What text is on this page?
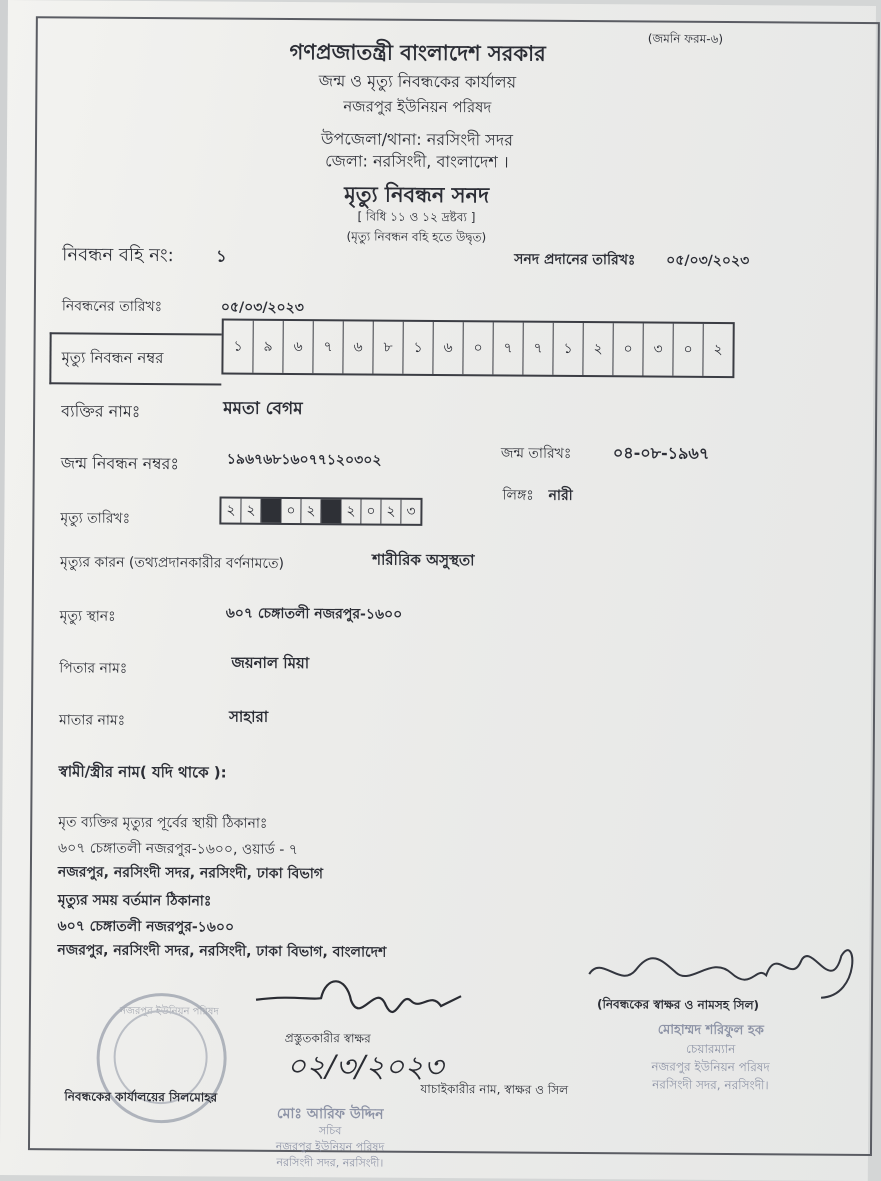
(জমনি ফরম-৬)
গণপ্রজাতন্ত্রী বাংলাদেশ সরকার
জন্ম ও মৃত্যু নিবন্ধকের কার্যালয়
নজরপুর ইউনিয়ন পরিষদ
উপজেলা/থানা: নরসিংদী সদর
জেলা: নরসিংদী, বাংলাদেশ ।
মৃত্যু নিবন্ধন সনদ
[ বিধি ১১ ও ১২ দ্রষ্টব্য ]
(মৃত্যু নিবন্ধন বহি হতে উদ্বৃত)
নিবন্ধন বহি নং:	১	সনদ প্রদানের তারিখঃ ০৫/০৩/২০২৩
নিবন্ধনের তারিখঃ	০৫/০৩/২০২৩
মৃত্যু নিবন্ধন নম্বর
১	৯	৬	৭	৬	৮	১	৬	০	৭	৭	১	২	০	৩	০	২
ব্যক্তির নামঃ	মমতা বেগম
জন্ম নিবন্ধন নম্বরঃ	১৯৬৭৬৮১৬০৭৭১২০৩০২	জন্ম তারিখঃ	০৪-০৮-১৯৬৭
লিঙ্গঃ নারী
মৃত্যু তারিখঃ	২ ২	০ ২	২ ০ ২ ৩
মৃত্যুর কারন (তথ্যপ্রদানকারীর বর্ণনামতে)	শারীরিক অসুস্থতা
মৃত্যু স্থানঃ	৬০৭ চেঙ্গাতলী নজরপুর-১৬০০
পিতার নামঃ	জয়নাল মিয়া
মাতার নামঃ	সাহারা
স্বামী/স্ত্রীর নাম( যদি থাকে ):
মৃত ব্যক্তির মৃত্যুর পূর্বের স্থায়ী ঠিকানাঃ
৬০৭ চেঙ্গাতলী নজরপুর-১৬০০, ওয়ার্ড - ৭
নজরপুর, নরসিংদী সদর, নরসিংদী, ঢাকা বিভাগ
মৃত্যুর সময় বর্তমান ঠিকানাঃ
৬০৭ চেঙ্গাতলী নজরপুর-১৬০০
নজরপুর, নরসিংদী সদর, নরসিংদী, ঢাকা বিভাগ, বাংলাদেশ
(নিবন্ধকের স্বাক্ষর ও নামসহ সিল)
মোহাম্মদ শরিফুল হক
চেয়ারম্যান
নজরপুর ইউনিয়ন পরিষদ
নরসিংদী সদর, নরসিংদী।
নজরপুর ইউনিয়ন পরিষদ
প্রস্তুতকারীর স্বাক্ষর
০২/৩/২০২৩
নিবন্ধকের কার্যালয়ের সিলমোহর	যাচাইকারীর নাম, স্বাক্ষর ও সিল
মোঃ আরিফ উদ্দিন
সচিব
নজরপুর ইউনিয়ন পরিষদ
নরসিংদী সদর, নরসিংদী।
